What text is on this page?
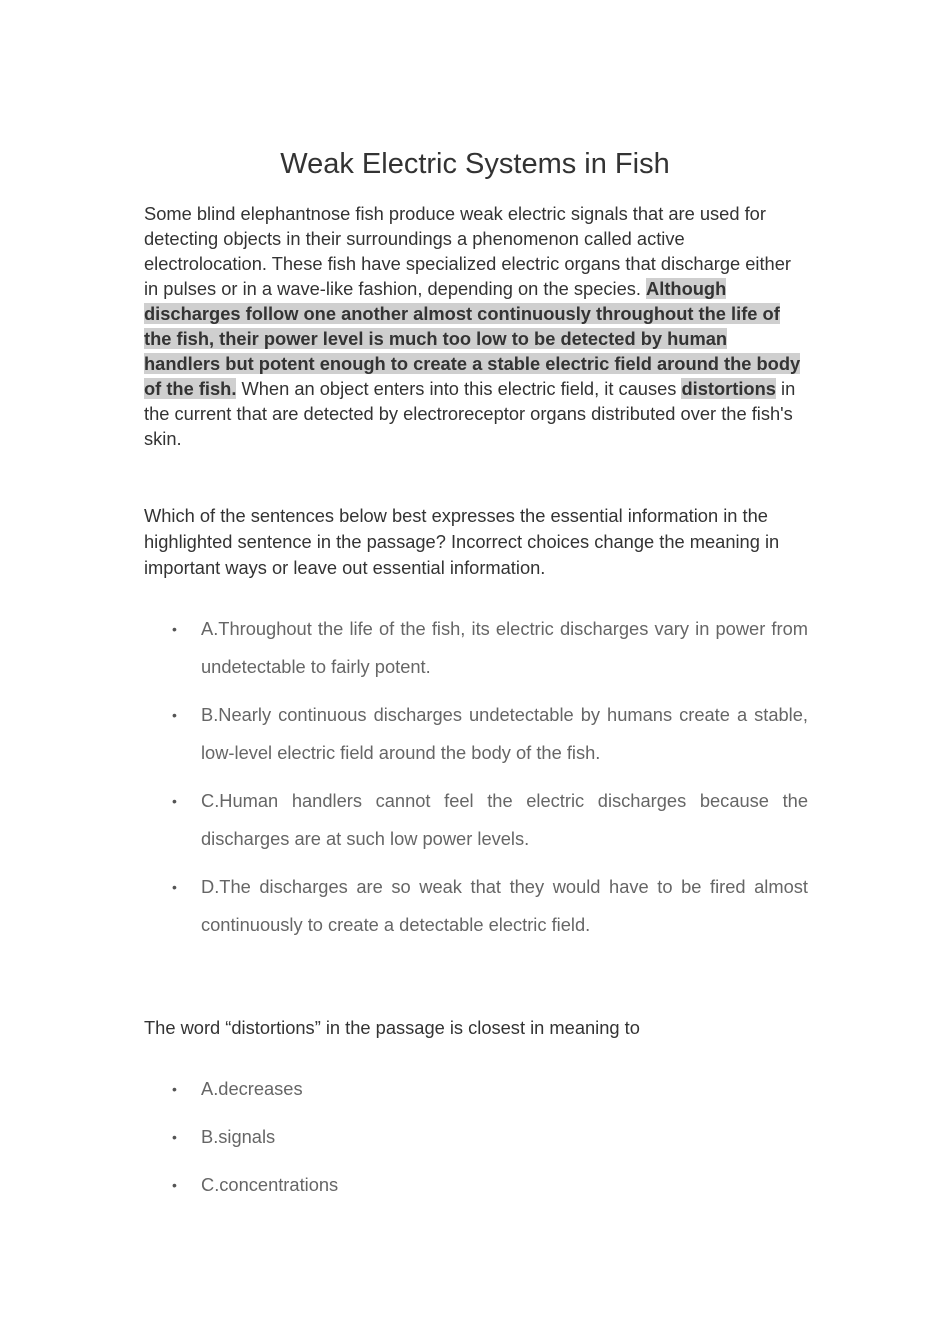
Weak Electric Systems in Fish

Some blind elephantnose fish produce weak electric signals that are used for detecting objects in their surroundings a phenomenon called active electrolocation. These fish have specialized electric organs that discharge either in pulses or in a wave-like fashion, depending on the species. Although discharges follow one another almost continuously throughout the life of the fish, their power level is much too low to be detected by human handlers but potent enough to create a stable electric field around the body of the fish. When an object enters into this electric field, it causes distortions in the current that are detected by electroreceptor organs distributed over the fish's skin.

Which of the sentences below best expresses the essential information in the highlighted sentence in the passage? Incorrect choices change the meaning in important ways or leave out essential information.

• A.Throughout the life of the fish, its electric discharges vary in power from undetectable to fairly potent.
• B.Nearly continuous discharges undetectable by humans create a stable, low-level electric field around the body of the fish.
• C.Human handlers cannot feel the electric discharges because the discharges are at such low power levels.
• D.The discharges are so weak that they would have to be fired almost continuously to create a detectable electric field.

The word “distortions” in the passage is closest in meaning to

• A.decreases
• B.signals
• C.concentrations
